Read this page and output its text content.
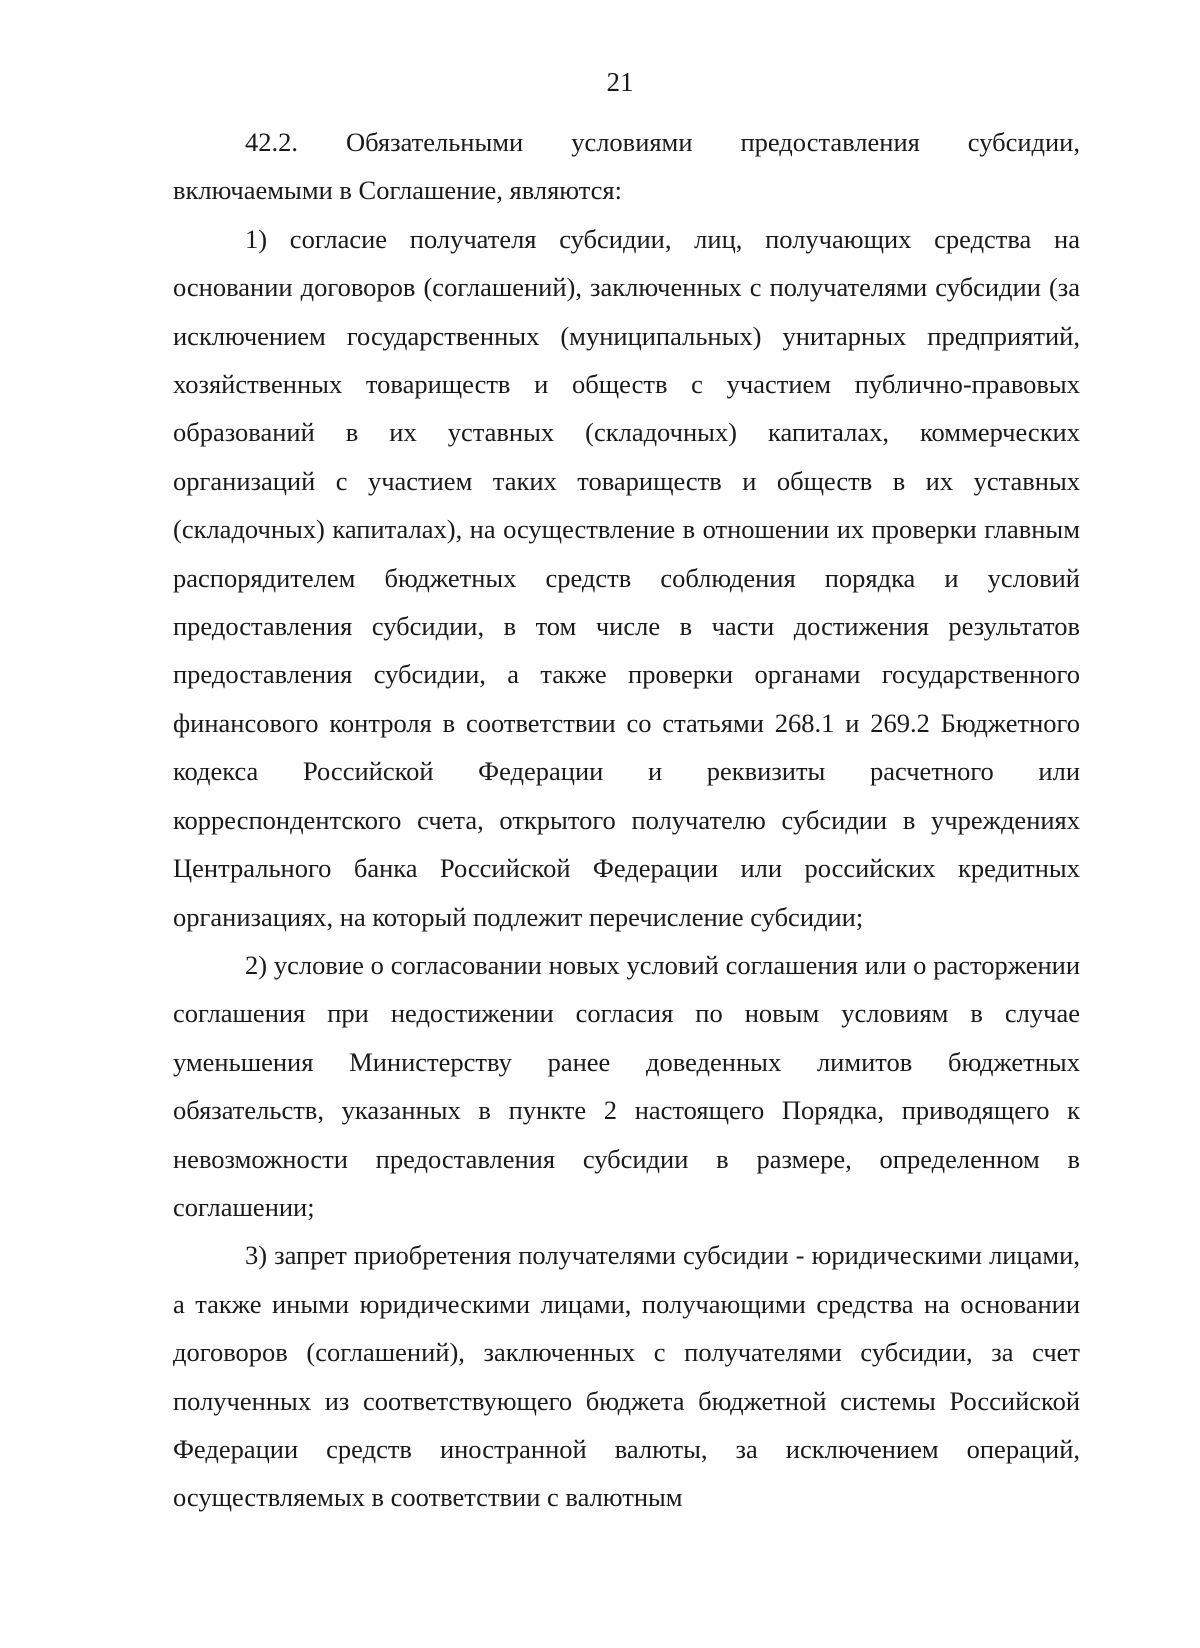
21

42.2. Обязательными условиями предоставления субсидии, включаемыми в Соглашение, являются:

1) согласие получателя субсидии, лиц, получающих средства на основании договоров (соглашений), заключенных с получателями субсидии (за исключением государственных (муниципальных) унитарных предприятий, хозяйственных товариществ и обществ с участием публично-правовых образований в их уставных (складочных) капиталах, коммерческих организаций с участием таких товариществ и обществ в их уставных (складочных) капиталах), на осуществление в отношении их проверки главным распорядителем бюджетных средств соблюдения порядка и условий предоставления субсидии, в том числе в части достижения результатов предоставления субсидии, а также проверки органами государственного финансового контроля в соответствии со статьями 268.1 и 269.2 Бюджетного кодекса Российской Федерации и реквизиты расчетного или корреспондентского счета, открытого получателю субсидии в учреждениях Центрального банка Российской Федерации или российских кредитных организациях, на который подлежит перечисление субсидии;

2) условие о согласовании новых условий соглашения или о расторжении соглашения при недостижении согласия по новым условиям в случае уменьшения Министерству ранее доведенных лимитов бюджетных обязательств, указанных в пункте 2 настоящего Порядка, приводящего к невозможности предоставления субсидии в размере, определенном в соглашении;

3) запрет приобретения получателями субсидии - юридическими лицами, а также иными юридическими лицами, получающими средства на основании договоров (соглашений), заключенных с получателями субсидии, за счет полученных из соответствующего бюджета бюджетной системы Российской Федерации средств иностранной валюты, за исключением операций, осуществляемых в соответствии с валютным
